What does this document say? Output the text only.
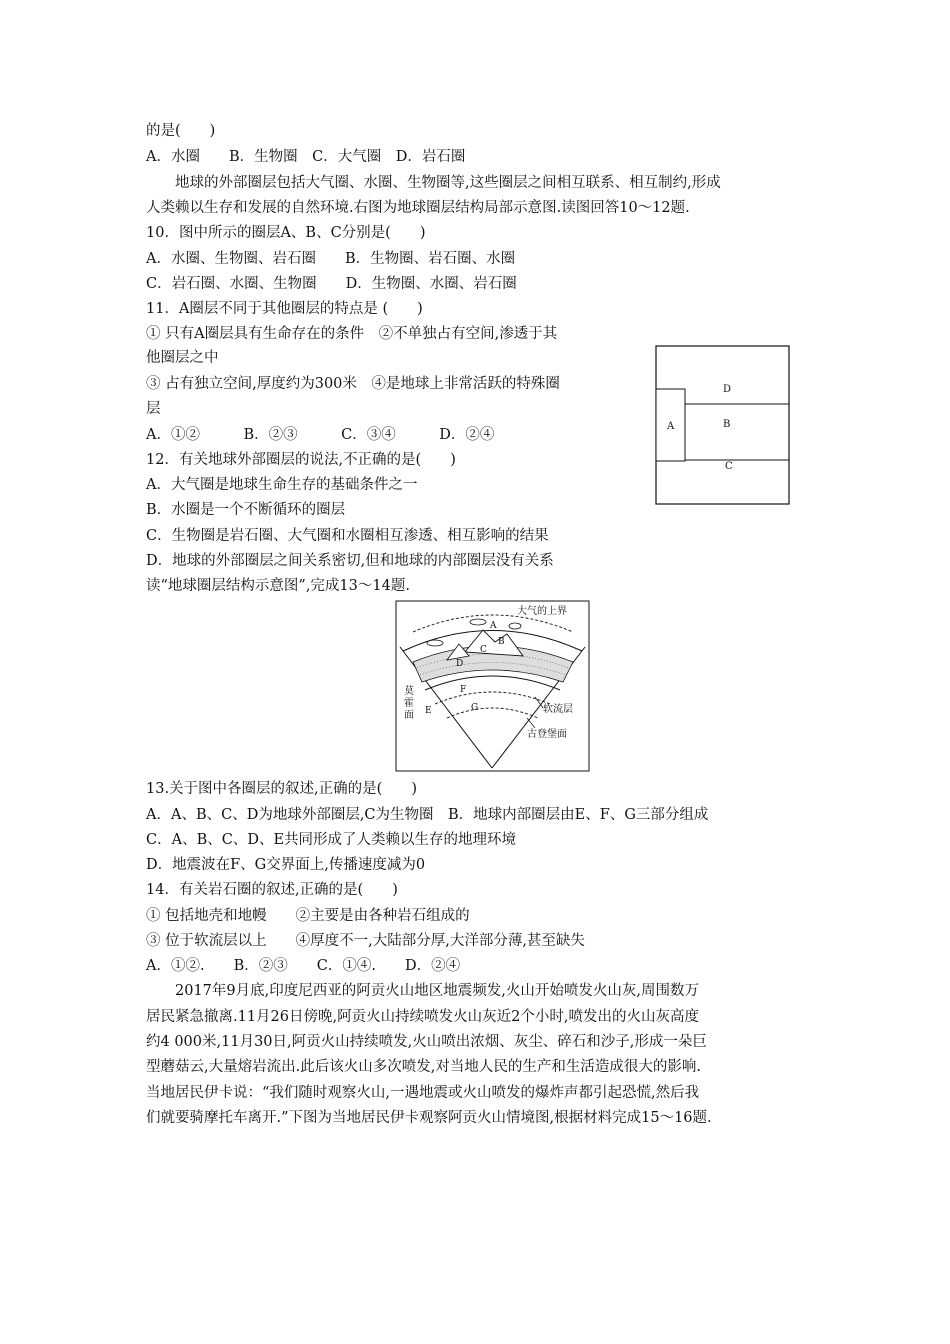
的是(　　)
A．水圈　　B．生物圈　C．大气圈　D．岩石圈
　　地球的外部圈层包括大气圈、水圈、生物圈等,这些圈层之间相互联系、相互制约,形成
人类赖以生存和发展的自然环境.右图为地球圈层结构局部示意图.读图回答10～12题.
10．图中所示的圈层A、B、C分别是(　　)
A．水圈、生物圈、岩石圈　　B．生物圈、岩石圈、水圈
C．岩石圈、水圈、生物圈　　D．生物圈、水圈、岩石圈
11．A圈层不同于其他圈层的特点是 (　　)
① 只有A圈层具有生命存在的条件　②不单独占有空间,渗透于其
他圈层之中
③ 占有独立空间,厚度约为300米　④是地球上非常活跃的特殊圈
层
A．①②　　　B．②③　　　C．③④　　　D．②④
12．有关地球外部圈层的说法,不正确的是(　　)
A．大气圈是地球生命生存的基础条件之一
B．水圈是一个不断循环的圈层
C．生物圈是岩石圈、大气圈和水圈相互渗透、相互影响的结果
D．地球的外部圈层之间关系密切,但和地球的内部圈层没有关系
读“地球圈层结构示意图”,完成13～14题.
13.关于图中各圈层的叙述,正确的是(　　)
A．A、B、C、D为地球外部圈层,C为生物圈　B．地球内部圈层由E、F、G三部分组成
C．A、B、C、D、E共同形成了人类赖以生存的地理环境
D．地震波在F、G交界面上,传播速度减为0
14．有关岩石圈的叙述,正确的是(　　)
① 包括地壳和地幔　　②主要是由各种岩石组成的
③ 位于软流层以上　　④厚度不一,大陆部分厚,大洋部分薄,甚至缺失
A．①②.　　B．②③　　C．①④.　　D．②④
　　2017年9月底,印度尼西亚的阿贡火山地区地震频发,火山开始喷发火山灰,周围数万
居民紧急撤离.11月26日傍晚,阿贡火山持续喷发火山灰近2个小时,喷发出的火山灰高度
约4 000米,11月30日,阿贡火山持续喷发,火山喷出浓烟、灰尘、碎石和沙子,形成一朵巨
型蘑菇云,大量熔岩流出.此后该火山多次喷发,对当地人民的生产和生活造成很大的影响.
当地居民伊卡说：“我们随时观察火山,一遇地震或火山喷发的爆炸声都引起恐慌,然后我
们就要骑摩托车离开.”下图为当地居民伊卡观察阿贡火山情境图,根据材料完成15～16题.
A	B
C
D
大气的上界
A
B
C
D
E
F
G
莫
霍
面
软流层
古登堡面
